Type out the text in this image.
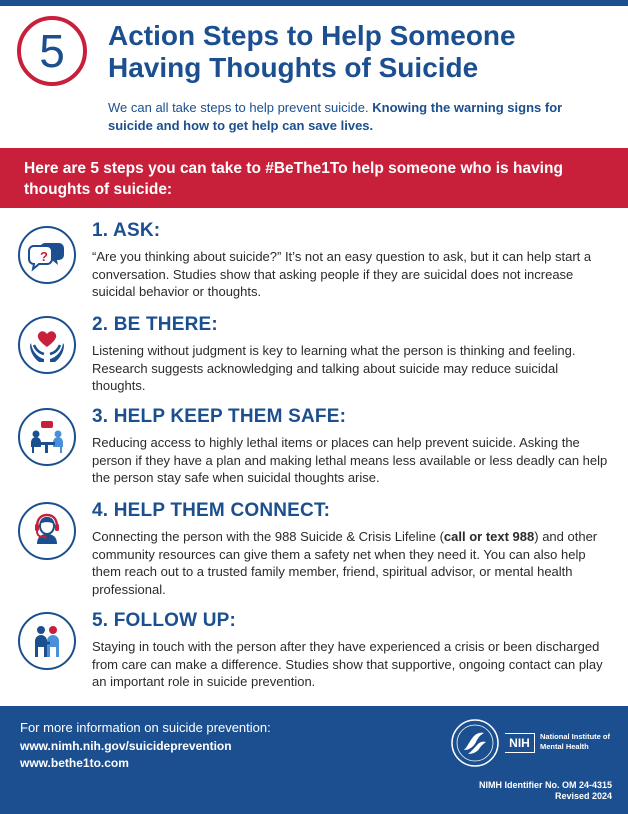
5	Action Steps to Help Someone Having Thoughts of Suicide

We can all take steps to help prevent suicide. Knowing the warning signs for suicide and how to get help can save lives.

Here are 5 steps you can take to #BeThe1To help someone who is having thoughts of suicide:
?
1. ASK:

“Are you thinking about suicide?” It’s not an easy question to ask, but it can help start a conversation. Studies show that asking people if they are suicidal does not increase suicidal behavior or thoughts.

2. BE THERE:

Listening without judgment is key to learning what the person is thinking and feeling. Research suggests acknowledging and talking about suicide may reduce suicidal thoughts.

3. HELP KEEP THEM SAFE:

Reducing access to highly lethal items or places can help prevent suicide. Asking the person if they have a plan and making lethal means less available or less deadly can help the person stay safe when suicidal thoughts arise.

4. HELP THEM CONNECT:

Connecting the person with the 988 Suicide & Crisis Lifeline (call or text 988) and other community resources can give them a safety net when they need it. You can also help them reach out to a trusted family member, friend, spiritual advisor, or mental health professional.

5. FOLLOW UP:

Staying in touch with the person after they have experienced a crisis or been discharged from care can make a difference. Studies show that supportive, ongoing contact can play an important role in suicide prevention.

For more information on suicide prevention:
www.nimh.nih.gov/suicideprevention
www.bethe1to.com
NIH	National Institute of Mental Health
NIMH Identifier No. OM 24-4315
Revised 2024
